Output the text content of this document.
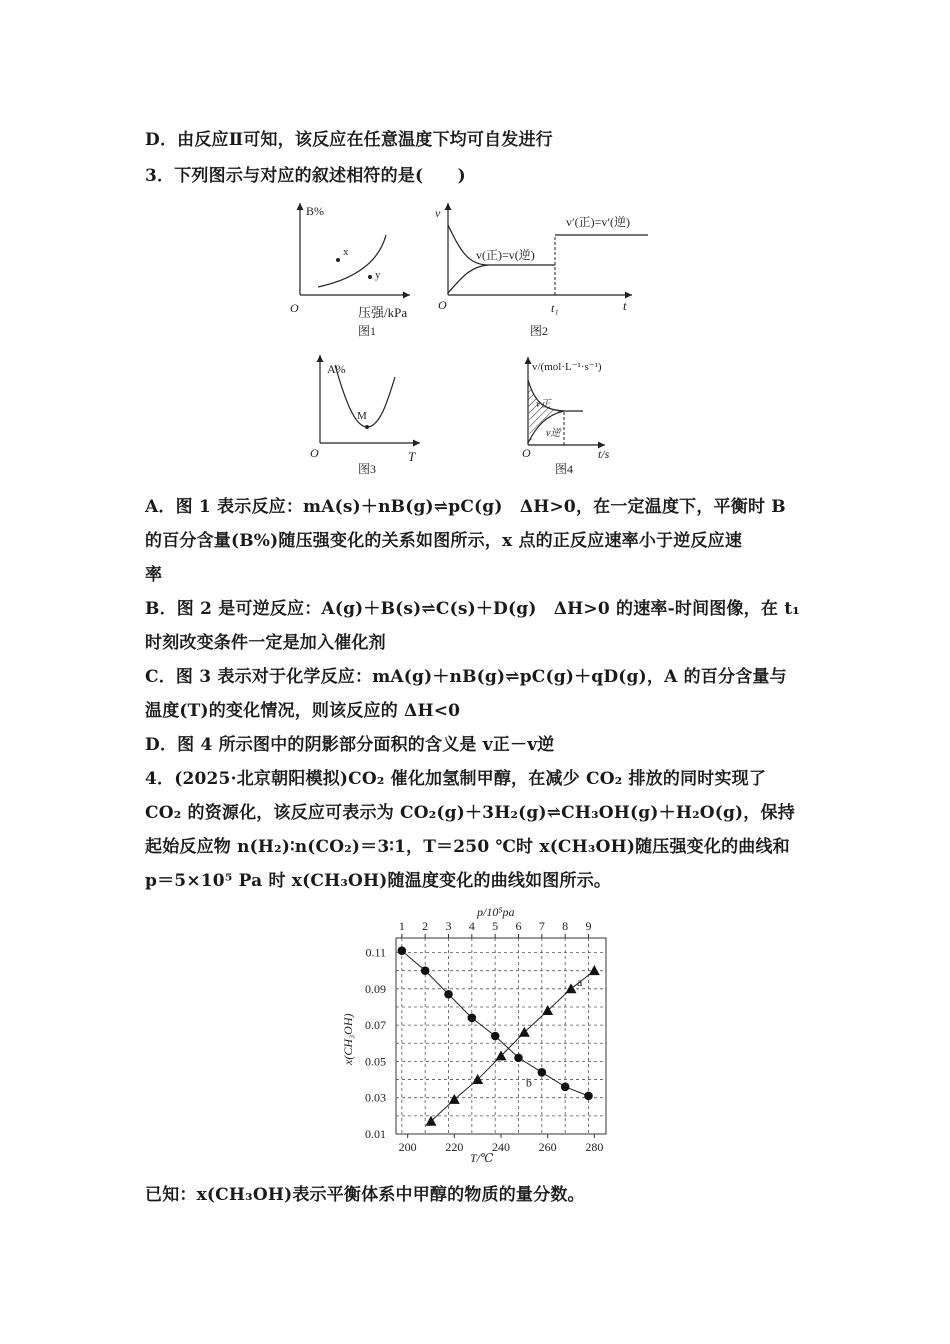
D．由反应Ⅱ可知，该反应在任意温度下均可自发进行
3．下列图示与对应的叙述相符的是(　　)
x
y
B%
O	压强/kPa
图1
v
v(正)=v(逆)
v′(正)=v′(逆)
O	t₁	t
图2
M
A%
O	T
图3
v正
v逆
v/(mol·L⁻¹·s⁻¹)
O	t/s
图4
A．图 1 表示反应：mA(s)＋nB(g)⇌pC(g)　ΔH>0，在一定温度下，平衡时 B
的百分含量(B%)随压强变化的关系如图所示，x 点的正反应速率小于逆反应速
率
B．图 2 是可逆反应：A(g)＋B(s)⇌C(s)＋D(g)　ΔH>0 的速率-时间图像，在 t₁
时刻改变条件一定是加入催化剂
C．图 3 表示对于化学反应：mA(g)＋nB(g)⇌pC(g)＋qD(g)，A 的百分含量与
温度(T)的变化情况，则该反应的 ΔH<0
D．图 4 所示图中的阴影部分面积的含义是 v正－v逆
4．(2025·北京朝阳模拟)CO₂ 催化加氢制甲醇，在减少 CO₂ 排放的同时实现了
CO₂ 的资源化，该反应可表示为 CO₂(g)＋3H₂(g)⇌CH₃OH(g)＋H₂O(g)，保持
起始反应物 n(H₂)∶n(CO₂)＝3∶1，T＝250 ℃时 x(CH₃OH)随压强变化的曲线和
p＝5×10⁵ Pa 时 x(CH₃OH)随温度变化的曲线如图所示。
200 220 240 260 280
1 2 3 4 5 6 7 8 9
0.11
0.09
0.07
0.05
0.03
0.01
a
b
T/℃
p/10⁵pa
x(CH₃OH)
已知：x(CH₃OH)表示平衡体系中甲醇的物质的量分数。
